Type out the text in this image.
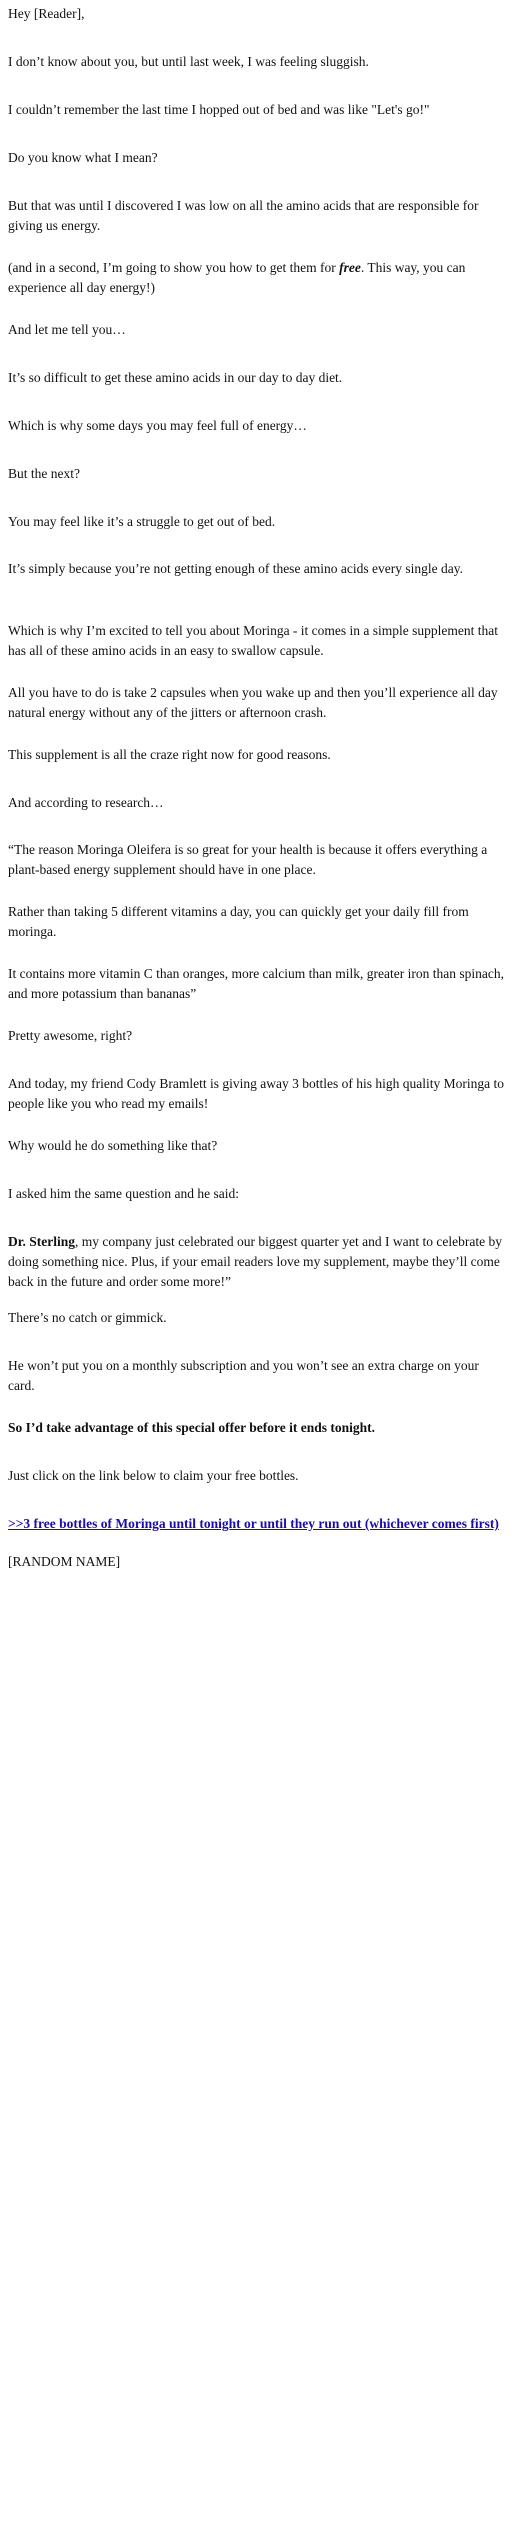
Hey [Reader],

I don’t know about you, but until last week, I was feeling sluggish.

I couldn’t remember the last time I hopped out of bed and was like "Let's go!"

Do you know what I mean?

But that was until I discovered I was low on all the amino acids that are responsible for giving us energy.

(and in a second, I’m going to show you how to get them for free. This way, you can experience all day energy!)

And let me tell you…

It’s so difficult to get these amino acids in our day to day diet.

Which is why some days you may feel full of energy…

But the next?

You may feel like it’s a struggle to get out of bed.

It’s simply because you’re not getting enough of these amino acids every single day.

Which is why I’m excited to tell you about Moringa - it comes in a simple supplement that has all of these amino acids in an easy to swallow capsule.

All you have to do is take 2 capsules when you wake up and then you’ll experience all day natural energy without any of the jitters or afternoon crash.

This supplement is all the craze right now for good reasons.

And according to research…

“The reason Moringa Oleifera is so great for your health is because it offers everything a plant-based energy supplement should have in one place.

Rather than taking 5 different vitamins a day, you can quickly get your daily fill from moringa.

It contains more vitamin C than oranges, more calcium than milk, greater iron than spinach, and more potassium than bananas”

Pretty awesome, right?

And today, my friend Cody Bramlett is giving away 3 bottles of his high quality Moringa to people like you who read my emails!

Why would he do something like that?

I asked him the same question and he said:

Dr. Sterling, my company just celebrated our biggest quarter yet and I want to celebrate by doing something nice. Plus, if your email readers love my supplement, maybe they’ll come back in the future and order some more!”

There’s no catch or gimmick.

He won’t put you on a monthly subscription and you won’t see an extra charge on your card.

So I’d take advantage of this special offer before it ends tonight.

Just click on the link below to claim your free bottles.

>>3 free bottles of Moringa until tonight or until they run out (whichever comes first)

[RANDOM NAME]
